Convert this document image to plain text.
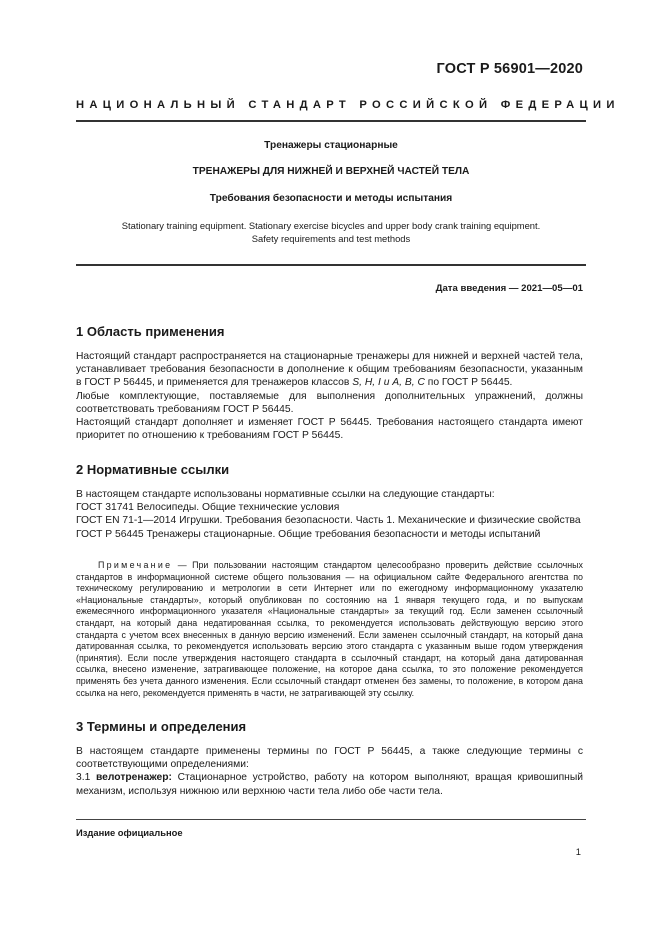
ГОСТ Р 56901—2020
НАЦИОНАЛЬНЫЙ СТАНДАРТ РОССИЙСКОЙ ФЕДЕРАЦИИ
Тренажеры стационарные
ТРЕНАЖЕРЫ ДЛЯ НИЖНЕЙ И ВЕРХНЕЙ ЧАСТЕЙ ТЕЛА
Требования безопасности и методы испытания
Stationary training equipment. Stationary exercise bicycles and upper body crank training equipment.
Safety requirements and test methods
Дата введения — 2021—05—01
1 Область применения

Настоящий стандарт распространяется на стационарные тренажеры для нижней и верхней частей тела, устанавливает требования безопасности в дополнение к общим требованиям безопасности, указанным в ГОСТ Р 56445, и применяется для тренажеров классов S, H, I и A, B, C по ГОСТ Р 56445.

Любые комплектующие, поставляемые для выполнения дополнительных упражнений, должны соответствовать требованиям ГОСТ Р 56445.

Настоящий стандарт дополняет и изменяет ГОСТ Р 56445. Требования настоящего стандарта имеют приоритет по отношению к требованиям ГОСТ Р 56445.

2 Нормативные ссылки

В настоящем стандарте использованы нормативные ссылки на следующие стандарты:

ГОСТ 31741 Велосипеды. Общие технические условия

ГОСТ EN 71-1—2014 Игрушки. Требования безопасности. Часть 1. Механические и физические свойства

ГОСТ Р 56445 Тренажеры стационарные. Общие требования безопасности и методы испытаний

Примечание — При пользовании настоящим стандартом целесообразно проверить действие ссылочных стандартов в информационной системе общего пользования — на официальном сайте Федерального агентства по техническому регулированию и метрологии в сети Интернет или по ежегодному информационному указателю «Национальные стандарты», который опубликован по состоянию на 1 января текущего года, и по выпускам ежемесячного информационного указателя «Национальные стандарты» за текущий год. Если заменен ссылочный стандарт, на который дана недатированная ссылка, то рекомендуется использовать действующую версию этого стандарта с учетом всех внесенных в данную версию изменений. Если заменен ссылочный стандарт, на который дана датированная ссылка, то рекомендуется использовать версию этого стандарта с указанным выше годом утверждения (принятия). Если после утверждения настоящего стандарта в ссылочный стандарт, на который дана датированная ссылка, внесено изменение, затрагивающее положение, на которое дана ссылка, то это положение рекомендуется применять без учета данного изменения. Если ссылочный стандарт отменен без замены, то положение, в котором дана ссылка на него, рекомендуется применять в части, не затрагивающей эту ссылку.
3 Термины и определения

В настоящем стандарте применены термины по ГОСТ Р 56445, а также следующие термины с соответствующими определениями:

3.1 велотренажер: Стационарное устройство, работу на котором выполняют, вращая кривошипный механизм, используя нижнюю или верхнюю части тела либо обе части тела.

Издание официальное
1
